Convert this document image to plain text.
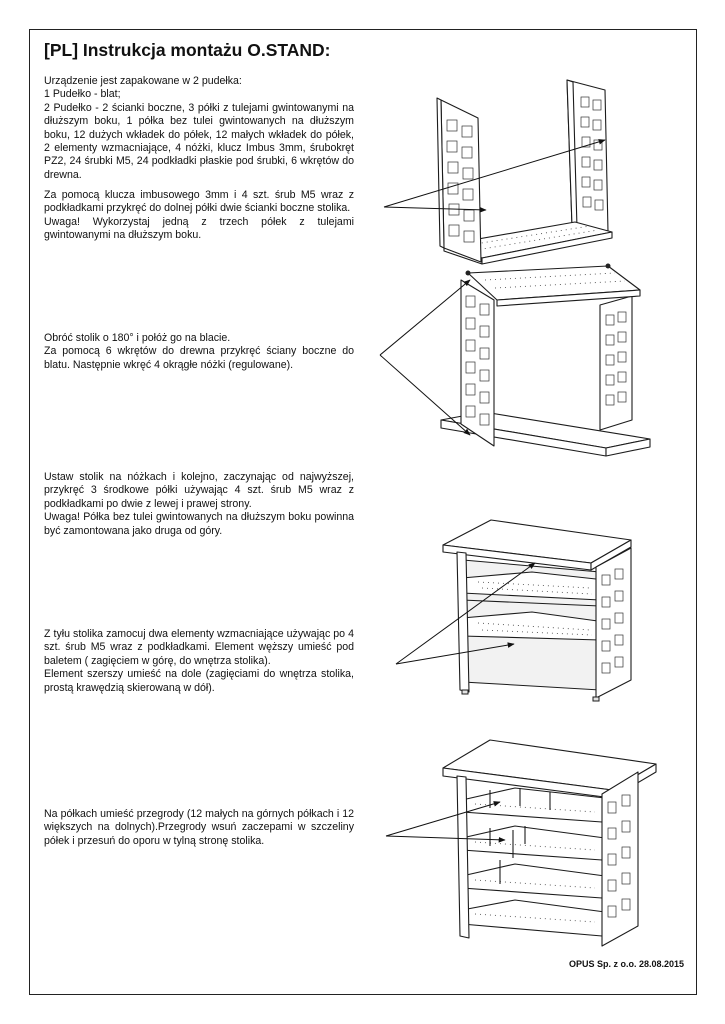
[PL] Instrukcja montażu O.STAND:

Urządzenie jest zapakowane w 2 pudełka:

1 Pudełko - blat;

2 Pudełko - 2 ścianki boczne, 3 półki z tulejami gwintowanymi na dłuższym boku, 1 półka bez tulei gwintowanych na dłuższym boku, 12 dużych wkładek do półek, 12 małych wkładek do półek, 2 elementy wzmacniające, 4 nóżki, klucz Imbus 3mm, śrubokręt PZ2, 24 śrubki M5, 24 podkładki płaskie pod śrubki, 6 wkrętów do drewna.

Za pomocą klucza imbusowego 3mm i 4 szt. śrub M5 wraz z podkładkami przykręć do dolnej półki dwie ścianki boczne stolika.

Uwaga! Wykorzystaj jedną z trzech półek z tulejami gwintowanymi na dłuższym boku.

Obróć stolik o 180° i połóż go na blacie.

Za pomocą 6 wkrętów do drewna przykręć ściany boczne do blatu. Następnie wkręć 4 okrągłe nóżki (regulowane).

Ustaw stolik na nóżkach i kolejno, zaczynając od najwyższej, przykręć 3 środkowe półki używając 4 szt. śrub M5 wraz z podkładkami po dwie z lewej i prawej strony.

Uwaga! Półka bez tulei gwintowanych na dłuższym boku powinna być zamontowana jako druga od góry.

Z tyłu stolika zamocuj dwa elementy wzmacniające używając po 4 szt. śrub M5 wraz z podkładkami. Element węższy umieść pod baletem ( zagięciem w górę, do wnętrza stolika).

Element szerszy umieść na dole (zagięciami do wnętrza stolika, prostą krawędzią skierowaną w dół).

Na półkach umieść przegrody (12 małych na górnych półkach i 12 większych na dolnych).Przegrody wsuń zaczepami w szczeliny półek i przesuń do oporu w tylną stronę stolika.

OPUS Sp. z o.o. 28.08.2015
